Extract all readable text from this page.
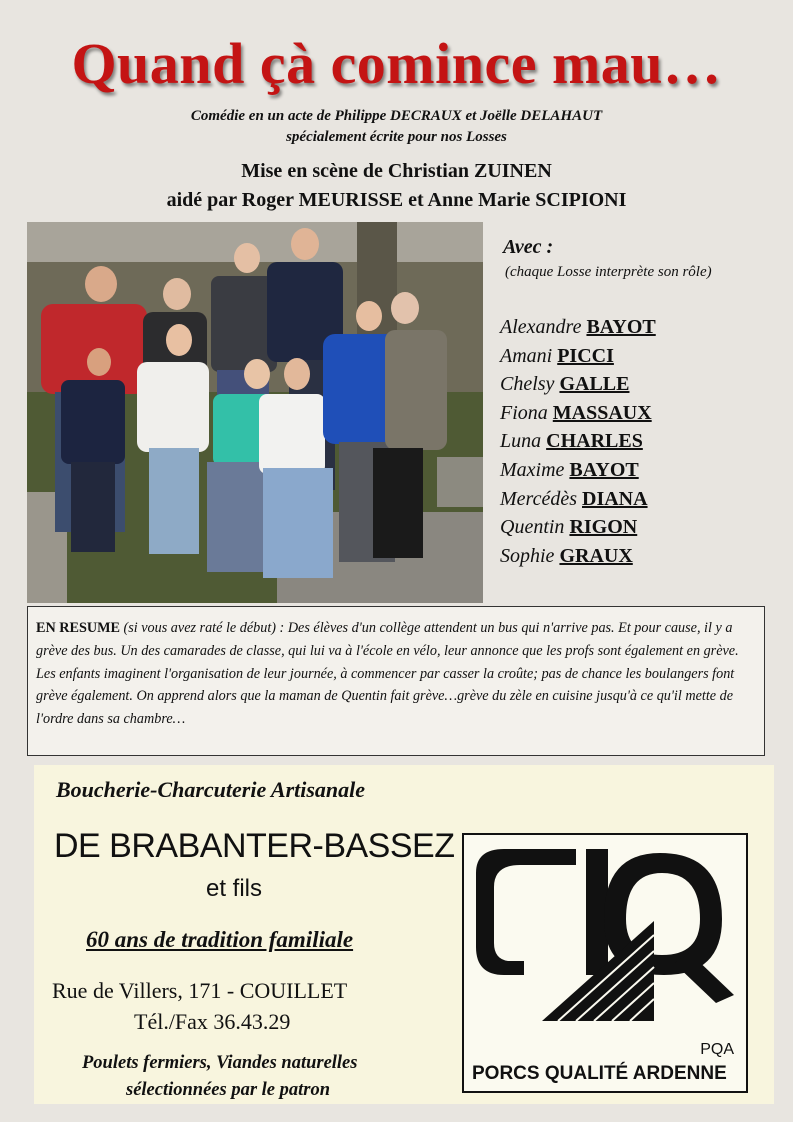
Quand çà comince mau…
Comédie en un acte de Philippe DECRAUX et Joëlle DELAHAUT
spécialement écrite pour nos Losses
Mise en scène de Christian ZUINEN
aidé par Roger MEURISSE et Anne Marie SCIPIONI
Avec :
(chaque Losse interprète son rôle)
Alexandre BAYOT
Amani PICCI
Chelsy GALLE
Fiona MASSAUX
Luna CHARLES
Maxime BAYOT
Mercédès DIANA
Quentin RIGON
Sophie GRAUX
EN RESUME (si vous avez raté le début) : Des élèves d'un collège attendent un bus qui n'arrive pas. Et pour cause, il y a grève des bus. Un des camarades de classe, qui lui va à l'école en vélo, leur annonce que les profs sont également en grève. Les enfants imaginent l'organisation de leur journée, à commencer par casser la croûte; pas de chance les boulangers font grève également. On apprend alors que la maman de Quentin fait grève…grève du zèle en cuisine jusqu'à ce qu'il mette de l'ordre dans sa chambre…
Boucherie-Charcuterie Artisanale
DE BRABANTER-BASSEZ
et fils
60 ans de tradition familiale
Rue de Villers, 171 - COUILLET
Tél./Fax 36.43.29
Poulets fermiers, Viandes naturelles
sélectionnées par le patron
PQA
PORCS QUALITÉ ARDENNE
